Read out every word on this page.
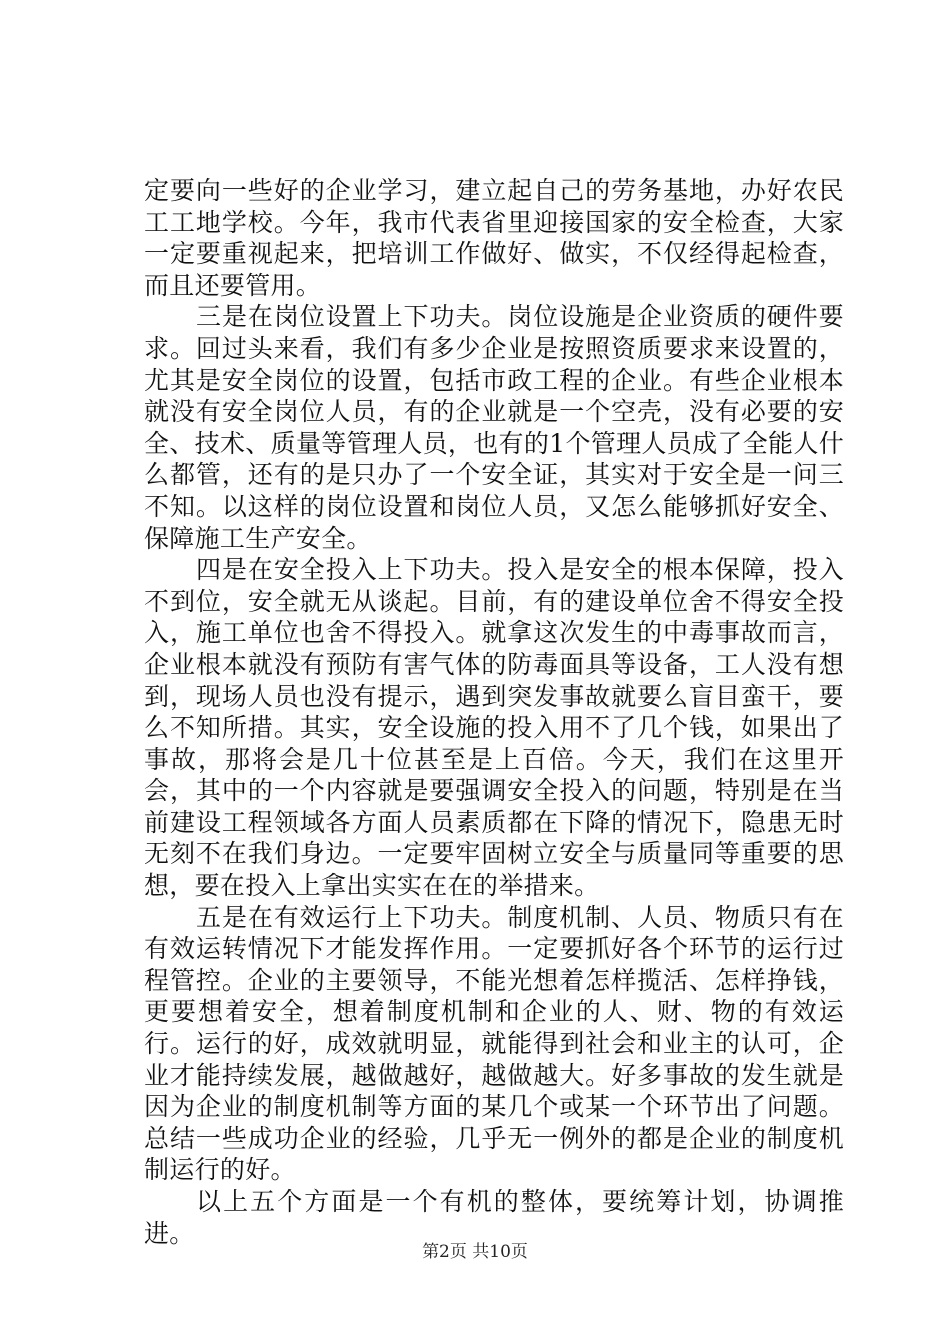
定要向一些好的企业学习，建立起自己的劳务基地，办好农民工工地学校。今年，我市代表省里迎接国家的安全检查，大家一定要重视起来，把培训工作做好、做实，不仅经得起检查，而且还要管用。

三是在岗位设置上下功夫。岗位设施是企业资质的硬件要求。回过头来看，我们有多少企业是按照资质要求来设置的，尤其是安全岗位的设置，包括市政工程的企业。有些企业根本就没有安全岗位人员，有的企业就是一个空壳，没有必要的安全、技术、质量等管理人员，也有的1个管理人员成了全能人什么都管，还有的是只办了一个安全证，其实对于安全是一问三不知。以这样的岗位设置和岗位人员，又怎么能够抓好安全、保障施工生产安全。

四是在安全投入上下功夫。投入是安全的根本保障，投入不到位，安全就无从谈起。目前，有的建设单位舍不得安全投入，施工单位也舍不得投入。就拿这次发生的中毒事故而言，企业根本就没有预防有害气体的防毒面具等设备，工人没有想到，现场人员也没有提示，遇到突发事故就要么盲目蛮干，要么不知所措。其实，安全设施的投入用不了几个钱，如果出了事故，那将会是几十位甚至是上百倍。今天，我们在这里开会，其中的一个内容就是要强调安全投入的问题，特别是在当前建设工程领域各方面人员素质都在下降的情况下，隐患无时无刻不在我们身边。一定要牢固树立安全与质量同等重要的思想，要在投入上拿出实实在在的举措来。

五是在有效运行上下功夫。制度机制、人员、物质只有在有效运转情况下才能发挥作用。一定要抓好各个环节的运行过程管控。企业的主要领导，不能光想着怎样揽活、怎样挣钱，更要想着安全，想着制度机制和企业的人、财、物的有效运行。运行的好，成效就明显，就能得到社会和业主的认可，企业才能持续发展，越做越好，越做越大。好多事故的发生就是因为企业的制度机制等方面的某几个或某一个环节出了问题。总结一些成功企业的经验，几乎无一例外的都是企业的制度机制运行的好。

以上五个方面是一个有机的整体，要统筹计划，协调推进。

第2页 共10页
